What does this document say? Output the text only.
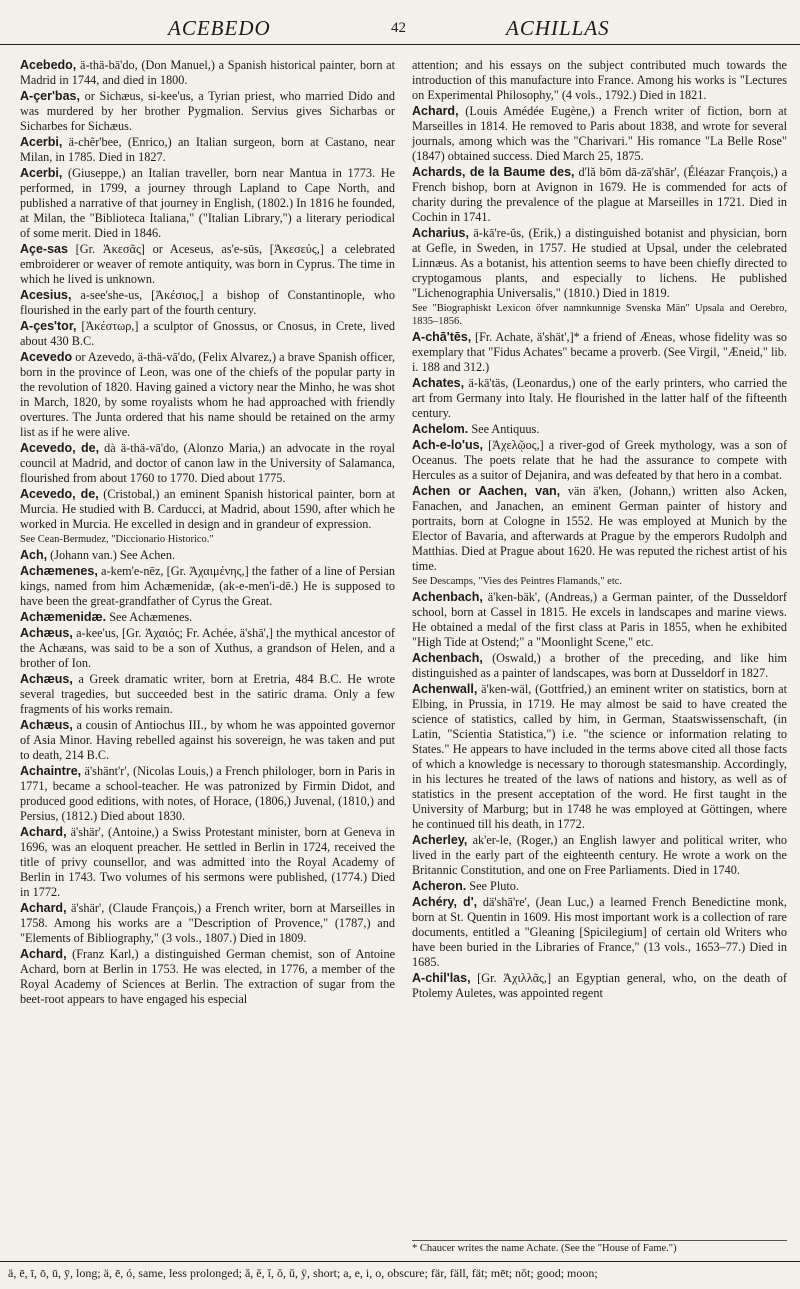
ACEBEDO	42	ACHILLAS

Acebedo, ä-thä-bā'do, (Don Manuel,) a Spanish historical painter, born at Madrid in 1744, and died in 1800.

A-çer'bas, or Sichæus, si-kee'us, a Tyrian priest, who married Dido and was murdered by her brother Pygmalion. Servius gives Sicharbas or Sicharbes for Sichæus.

Acerbi, ä-chêr'bee, (Enrico,) an Italian surgeon, born at Castano, near Milan, in 1785. Died in 1827.

Acerbi, (Giuseppe,) an Italian traveller, born near Mantua in 1773. He performed, in 1799, a journey through Lapland to Cape North, and published a narrative of that journey in English, (1802.) In 1816 he founded, at Milan, the "Biblioteca Italiana," ("Italian Library,") a literary periodical of some merit. Died in 1846.

Açe-sas [Gr. Ἀκεσᾶς] or Aceseus, as'e-sūs, [Ἀκεσεύς,] a celebrated embroiderer or weaver of remote antiquity, was born in Cyprus. The time in which he lived is unknown.

Acesius, a-see'she-us, [Ἀκέσιος,] a bishop of Constantinople, who flourished in the early part of the fourth century.

A-çes'tor, [Ἀκέστωρ,] a sculptor of Gnossus, or Cnosus, in Crete, lived about 430 B.C.

Acevedo or Azevedo, ä-thä-vā'do, (Felix Alvarez,) a brave Spanish officer, born in the province of Leon, was one of the chiefs of the popular party in the revolution of 1820. Having gained a victory near the Minho, he was shot in March, 1820, by some royalists whom he had approached with friendly overtures. The Junta ordered that his name should be retained on the army list as if he were alive.

Acevedo, de, dà ä-thä-vā'do, (Alonzo Maria,) an advocate in the royal council at Madrid, and doctor of canon law in the University of Salamanca, flourished from about 1760 to 1770. Died about 1775.

Acevedo, de, (Cristobal,) an eminent Spanish historical painter, born at Murcia. He studied with B. Carducci, at Madrid, about 1590, after which he worked in Murcia. He excelled in design and in grandeur of expression.

See Cean-Bermudez, "Diccionario Historico."

Ach, (Johann van.) See Achen.

Achæmenes, a-kem'e-nēz, [Gr. Ἀχαιμένης,] the father of a line of Persian kings, named from him Achæmenidæ, (ak-e-men'i-dē.) He is supposed to have been the great-grandfather of Cyrus the Great.

Achæmenidæ. See Achæmenes.

Achæus, a-kee'us, [Gr. Ἀχαιός; Fr. Achée, ä'shā',] the mythical ancestor of the Achæans, was said to be a son of Xuthus, a grandson of Helen, and a brother of Ion.

Achæus, a Greek dramatic writer, born at Eretria, 484 B.C. He wrote several tragedies, but succeeded best in the satiric drama. Only a few fragments of his works remain.

Achæus, a cousin of Antiochus III., by whom he was appointed governor of Asia Minor. Having rebelled against his sovereign, he was taken and put to death, 214 B.C.

Achaintre, ä'shänt'r', (Nicolas Louis,) a French philologer, born in Paris in 1771, became a school-teacher. He was patronized by Firmin Didot, and produced good editions, with notes, of Horace, (1806,) Juvenal, (1810,) and Persius, (1812.) Died about 1830.

Achard, ä'shär', (Antoine,) a Swiss Protestant minister, born at Geneva in 1696, was an eloquent preacher. He settled in Berlin in 1724, received the title of privy counsellor, and was admitted into the Royal Academy of Berlin in 1743. Two volumes of his sermons were published, (1774.) Died in 1772.

Achard, ä'shär', (Claude François,) a French writer, born at Marseilles in 1758. Among his works are a "Description of Provence," (1787,) and "Elements of Bibliography," (3 vols., 1807.) Died in 1809.

Achard, (Franz Karl,) a distinguished German chemist, son of Antoine Achard, born at Berlin in 1753. He was elected, in 1776, a member of the Royal Academy of Sciences at Berlin. The extraction of sugar from the beet-root appears to have engaged his especial

attention; and his essays on the subject contributed much towards the introduction of this manufacture into France. Among his works is "Lectures on Experimental Philosophy," (4 vols., 1792.) Died in 1821.

Achard, (Louis Amédée Eugène,) a French writer of fiction, born at Marseilles in 1814. He removed to Paris about 1838, and wrote for several journals, among which was the "Charivari." His romance "La Belle Rose" (1847) obtained success. Died March 25, 1875.

Achards, de la Baume des, d'lă bōm dā-zā'shār', (Éléazar François,) a French bishop, born at Avignon in 1679. He is commended for acts of charity during the prevalence of the plague at Marseilles in 1721. Died in Cochin in 1741.

Acharius, ä-kā're-ŭs, (Erik,) a distinguished botanist and physician, born at Gefle, in Sweden, in 1757. He studied at Upsal, under the celebrated Linnæus. As a botanist, his attention seems to have been chiefly directed to cryptogamous plants, and especially to lichens. He published "Lichenographia Universalis," (1810.) Died in 1819.

See "Biographiskt Lexicon öfver namnkunnige Svenska Män" Upsala and Oerebro, 1835–1856.

A-chā'tēs, [Fr. Achate, ä'shät',]* a friend of Æneas, whose fidelity was so exemplary that "Fidus Achates" became a proverb. (See Virgil, "Æneid," lib. i. 188 and 312.)

Achates, ä-kā'täs, (Leonardus,) one of the early printers, who carried the art from Germany into Italy. He flourished in the latter half of the fifteenth century.

Achelom. See Antiquus.

Ach-e-lo'us, [Ἀχελῷος,] a river-god of Greek mythology, was a son of Oceanus. The poets relate that he had the assurance to compete with Hercules as a suitor of Dejanira, and was defeated by that hero in a combat.

Achen or Aachen, van, vän ä'ken, (Johann,) written also Acken, Fanachen, and Janachen, an eminent German painter of history and portraits, born at Cologne in 1552. He was employed at Munich by the Elector of Bavaria, and afterwards at Prague by the emperors Rudolph and Matthias. Died at Prague about 1620. He was reputed the richest artist of his time.

See Descamps, "Vies des Peintres Flamands," etc.

Achenbach, ä'ken-bäk', (Andreas,) a German painter, of the Dusseldorf school, born at Cassel in 1815. He excels in landscapes and marine views. He obtained a medal of the first class at Paris in 1855, when he exhibited "High Tide at Ostend;" a "Moonlight Scene," etc.

Achenbach, (Oswald,) a brother of the preceding, and like him distinguished as a painter of landscapes, was born at Dusseldorf in 1827.

Achenwall, ä'ken-wäl, (Gottfried,) an eminent writer on statistics, born at Elbing, in Prussia, in 1719. He may almost be said to have created the science of statistics, called by him, in German, Staatswissenschaft, (in Latin, "Scientia Statistica,") i.e. "the science or information relating to States." He appears to have included in the terms above cited all those facts of which a knowledge is necessary to thorough statesmanship. Accordingly, in his lectures he treated of the laws of nations and history, as well as of statistics in the present acceptation of the word. He first taught in the University of Marburg; but in 1748 he was employed at Göttingen, where he continued till his death, in 1772.

Acherley, ak'er-le, (Roger,) an English lawyer and political writer, who lived in the early part of the eighteenth century. He wrote a work on the Britannic Constitution, and one on Free Parliaments. Died in 1740.

Acheron. See Pluto.

Achéry, d', dä'shā're', (Jean Luc,) a learned French Benedictine monk, born at St. Quentin in 1609. His most important work is a collection of rare documents, entitled a "Gleaning [Spicilegium] of certain old Writers who have been buried in the Libraries of France," (13 vols., 1653–77.) Died in 1685.

A-chil'las, [Gr. Ἀχιλλᾶς,] an Egyptian general, who, on the death of Ptolemy Auletes, was appointed regent

* Chaucer writes the name Achate. (See the "House of Fame.")
ä, ē, ī, ō, ū, ȳ, long; ä, ē, ó, same, less prolonged; ă, ĕ, ĭ, ŏ, ŭ, ÿ, short; a, e, i, o, obscure; fär, fäll, fät; mēt; nŏt; good; moon;
